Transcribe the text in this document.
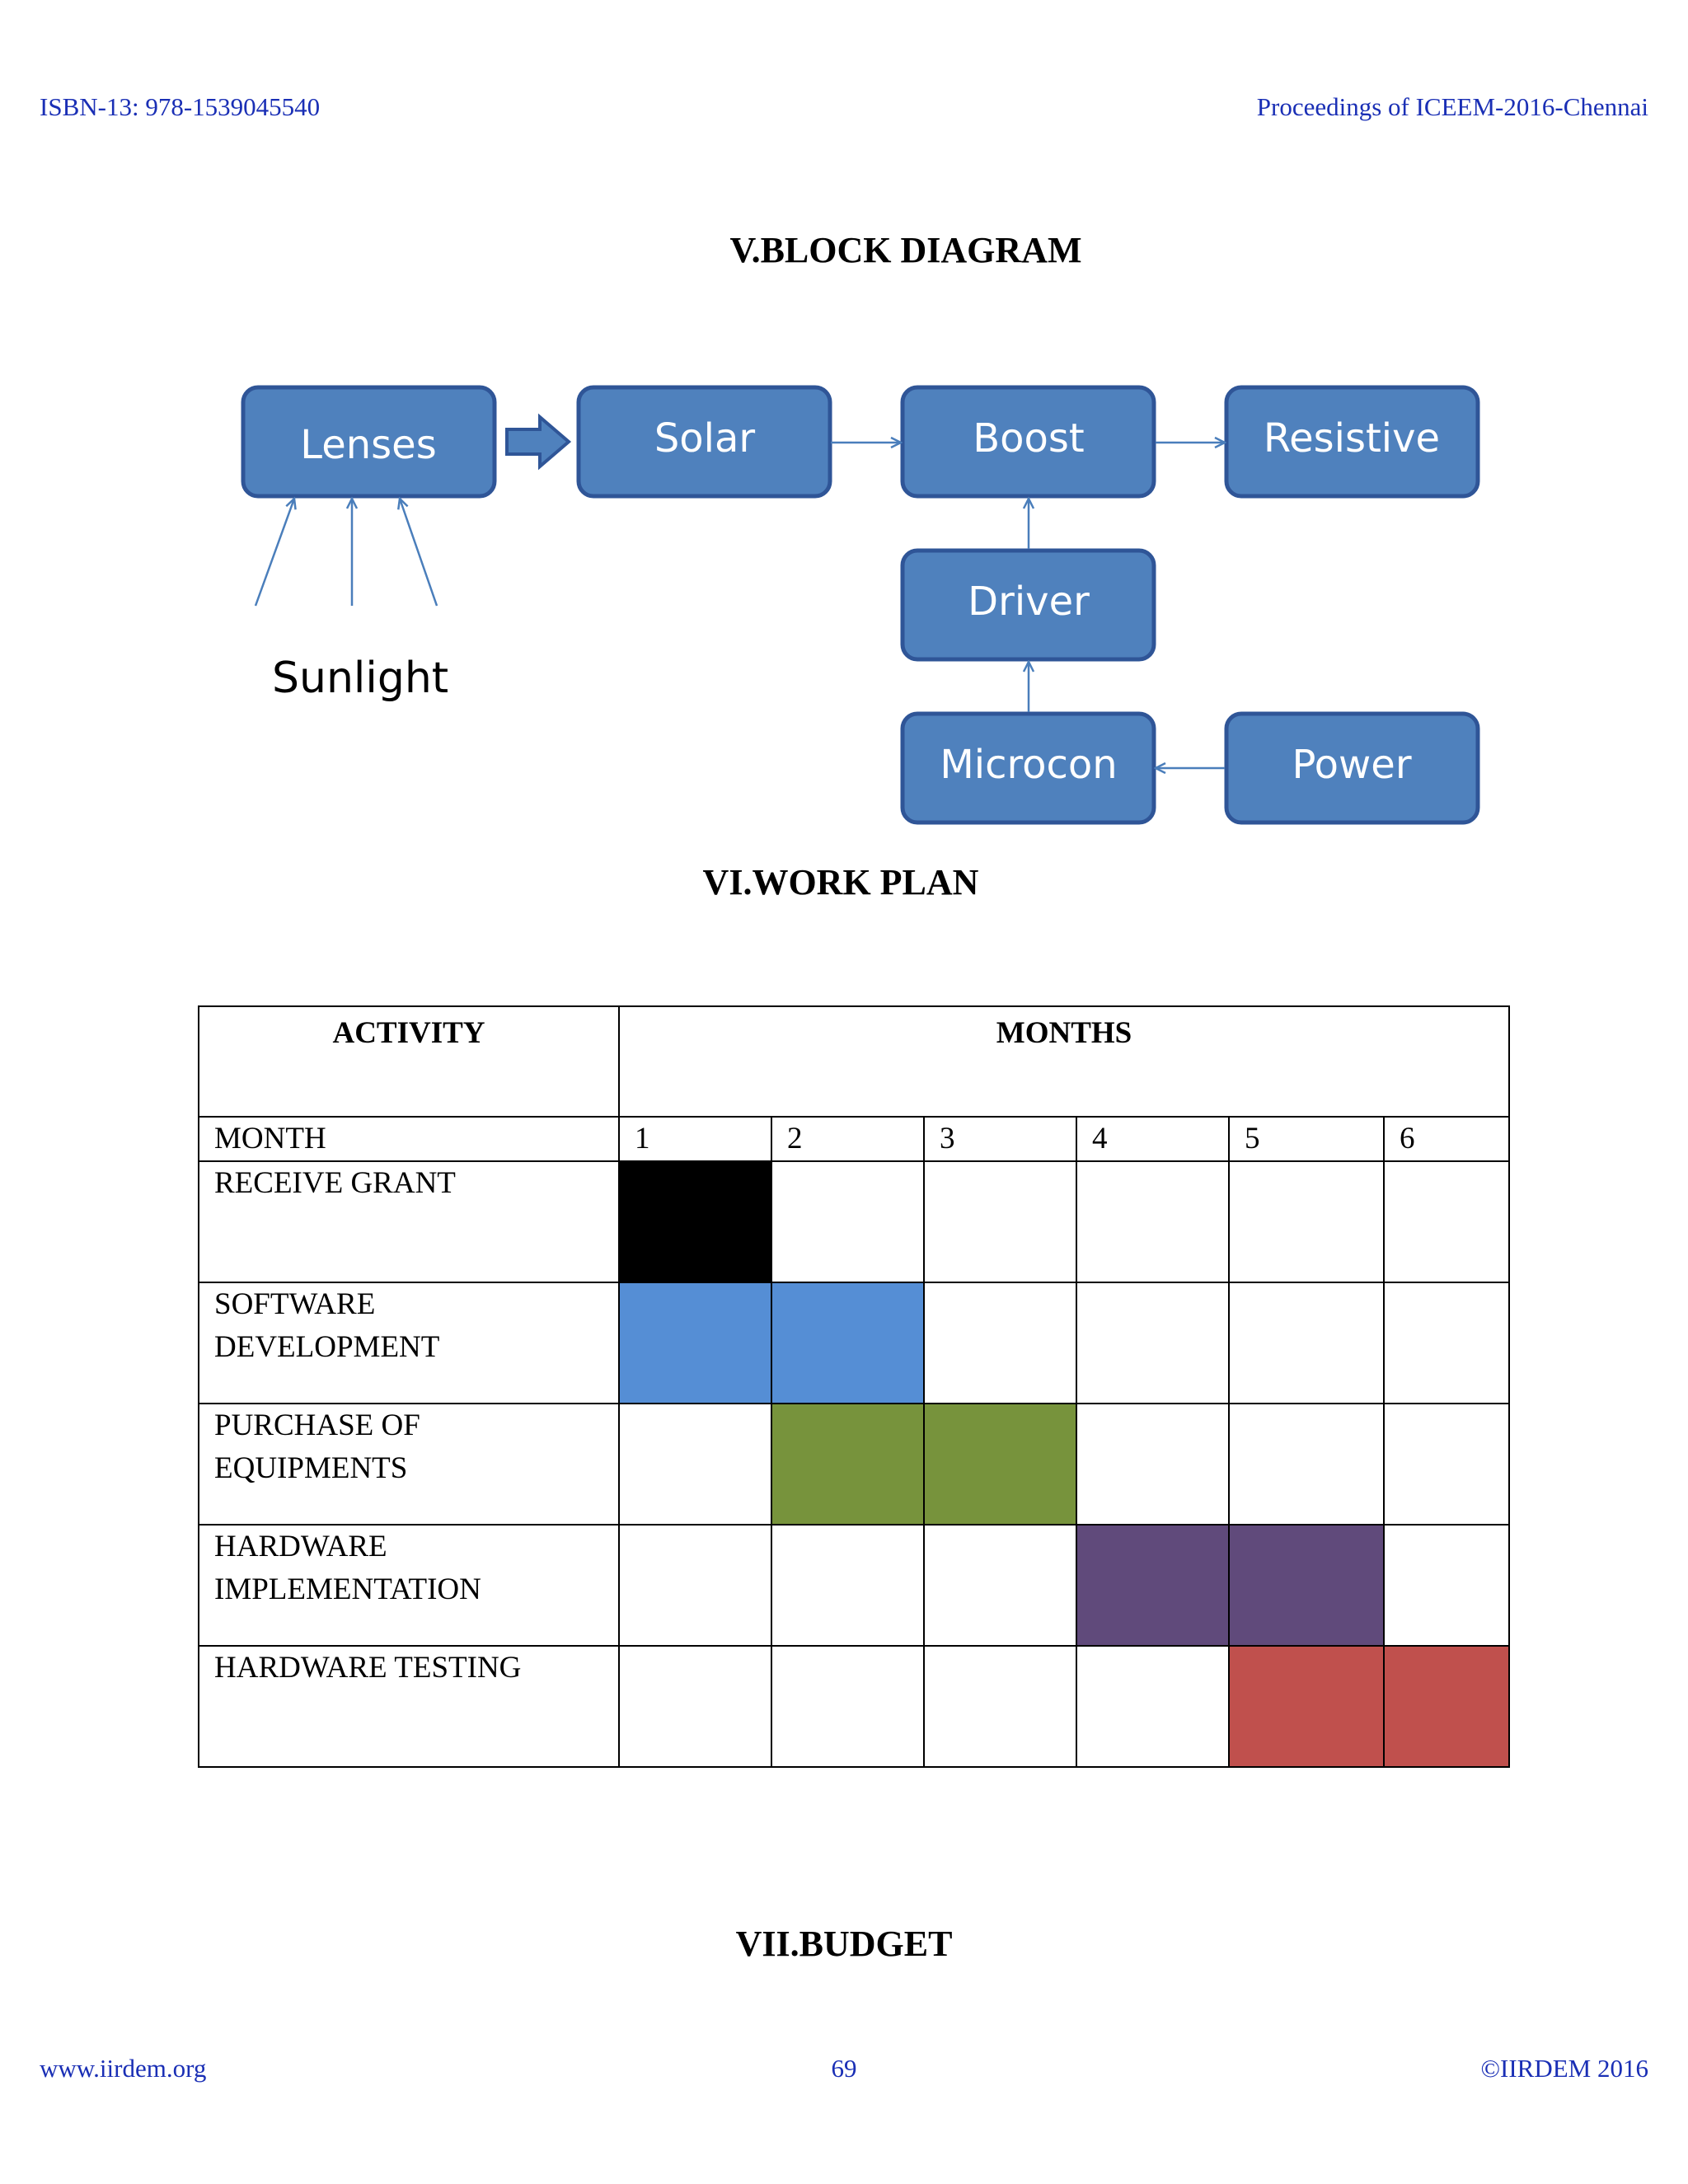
ISBN-13: 978-1539045540	Proceedings of ICEEM-2016-Chennai
V.BLOCK DIAGRAM
Lenses	Solar	Boost	Resistive
Driver
Microcon	Power
Sunlight
VI.WORK PLAN
ACTIVITY	MONTHS					
MONTH	1	2	3	4	5	6
RECEIVE GRANT						
SOFTWARE DEVELOPMENT						
PURCHASE OF EQUIPMENTS						
HARDWARE IMPLEMENTATION						
HARDWARE TESTING						
VII.BUDGET
www.iirdem.org	69	©IIRDEM 2016
